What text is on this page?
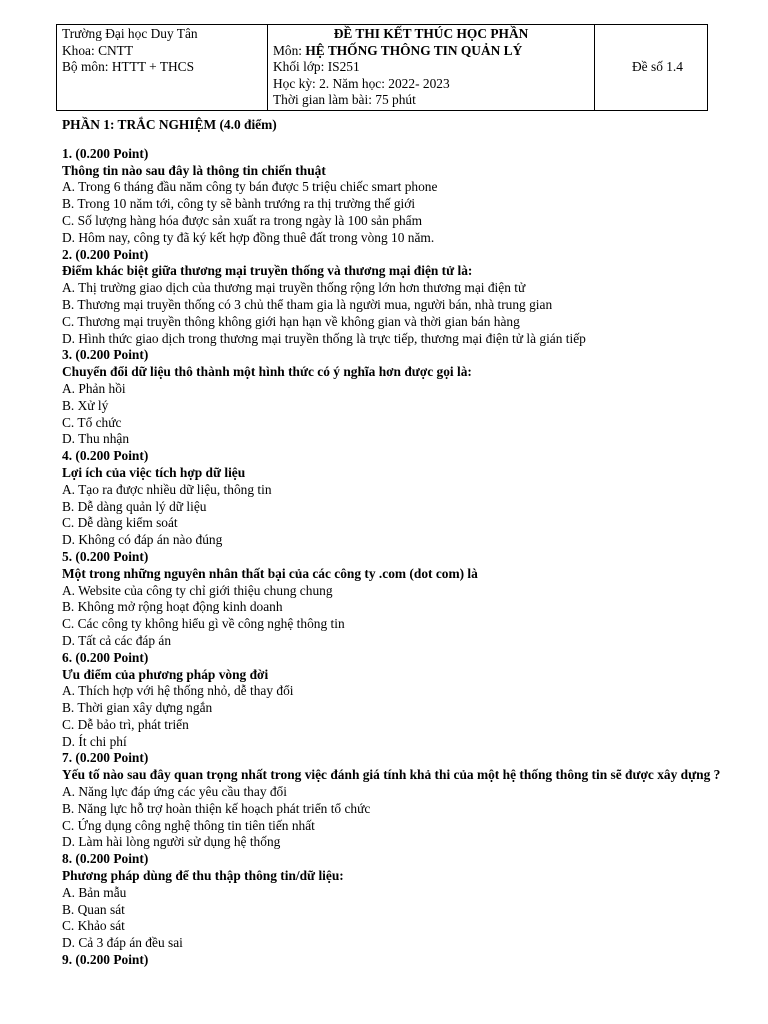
Trường Đại học Duy Tân
Khoa: CNTT
Bộ môn: HTTT + THCS

ĐỀ THI KẾT THÚC HỌC PHẦN
Môn: HỆ THỐNG THÔNG TIN QUẢN LÝ
Khối lớp: IS251
Học kỳ: 2. Năm học: 2022- 2023
Thời gian làm bài: 75 phút
	Đề số 1.4
PHẦN 1: TRẮC NGHIỆM (4.0 điểm)
1. (0.200 Point)
Thông tin nào sau đây là thông tin chiến thuật
A. Trong 6 tháng đầu năm công ty bán được 5 triệu chiếc smart phone
B. Trong 10 năm tới, công ty sẽ bành trướng ra thị trường thế giới
C. Số lượng hàng hóa được sản xuất ra trong ngày là 100 sản phẩm
D. Hôm nay, công ty đã ký kết hợp đồng thuê đất trong vòng 10 năm.
2. (0.200 Point)
Điểm khác biệt giữa thương mại truyền thống và thương mại điện tử là:
A. Thị trường giao dịch của thương mại truyền thống rộng lớn hơn thương mại điện tử
B. Thương mại truyền thống có 3 chủ thể tham gia là người mua, người bán, nhà trung gian
C. Thương mại truyền thông không giới hạn hạn về không gian và thời gian bán hàng
D. Hình thức giao dịch trong thương mại truyền thống là trực tiếp, thương mại điện tử là gián tiếp
3. (0.200 Point)
Chuyển đổi dữ liệu thô thành một hình thức có ý nghĩa hơn được gọi là:
A. Phản hồi
B. Xử lý
C. Tổ chức
D. Thu nhận
4. (0.200 Point)
Lợi ích của việc tích hợp dữ liệu
A. Tạo ra được nhiều dữ liệu, thông tin
B. Dễ dàng quản lý dữ liệu
C. Dễ dàng kiểm soát
D. Không có đáp án nào đúng
5. (0.200 Point)
Một trong những nguyên nhân thất bại của các công ty .com (dot com) là
A. Website của công ty chỉ giới thiệu chung chung
B. Không mở rộng hoạt động kinh doanh
C. Các công ty không hiểu gì về công nghệ thông tin
D. Tất cả các đáp án
6. (0.200 Point)
Ưu điểm của phương pháp vòng đời
A. Thích hợp với hệ thống nhỏ, dễ thay đổi
B. Thời gian xây dựng ngắn
C. Dễ bảo trì, phát triển
D. Ít chi phí
7. (0.200 Point)
Yếu tố nào sau đây quan trọng nhất trong việc đánh giá tính khả thi của một hệ thống thông tin sẽ được xây dựng ?
A. Năng lực đáp ứng các yêu cầu thay đổi
B. Năng lực hỗ trợ hoàn thiện kế hoạch phát triển tổ chức
C. Ứng dụng công nghệ thông tin tiên tiến nhất
D. Làm hài lòng người sử dụng hệ thống
8. (0.200 Point)
Phương pháp dùng để thu thập thông tin/dữ liệu:
A. Bản mẫu
B. Quan sát
C. Khảo sát
D. Cả 3 đáp án đều sai
9. (0.200 Point)
